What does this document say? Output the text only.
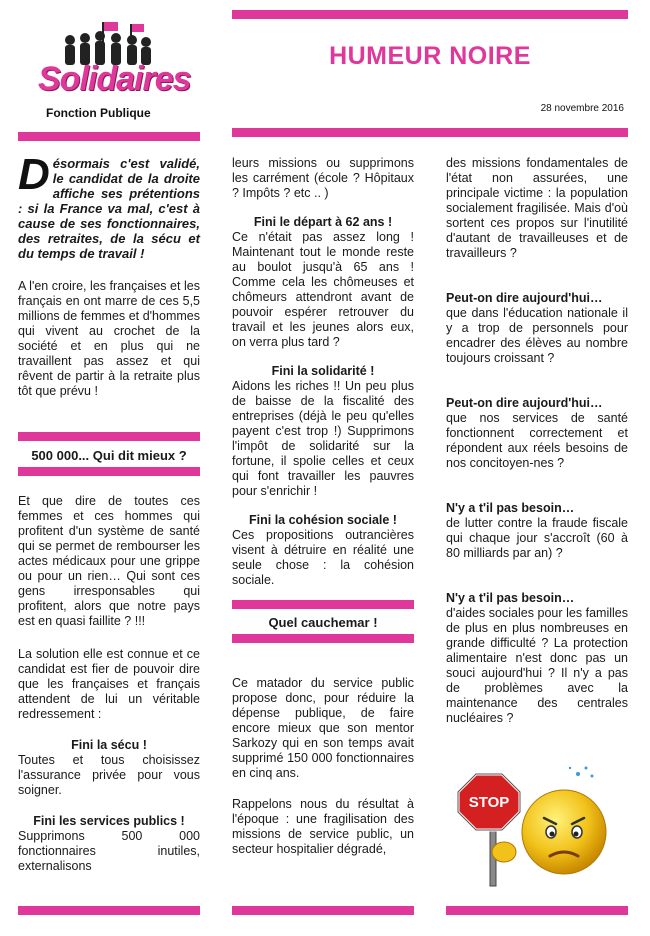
Solidaires
Fonction Publique
HUMEUR NOIRE
28 novembre 2016

Désormais c'est validé, le candidat de la droite affiche ses prétentions : si la France va mal, c'est à cause de ses fonctionnaires, des retraites, de la sécu et du temps de travail !

A l'en croire, les françaises et les français en ont marre de ces 5,5 millions de femmes et d'hommes qui vivent au crochet de la société et en plus qui ne travaillent pas assez et qui rêvent de partir à la retraite plus tôt que prévu !

500 000... Qui dit mieux ?

Et que dire de toutes ces femmes et ces hommes qui profitent d'un système de santé qui se permet de rembourser les actes médicaux pour une grippe ou pour un rien… Qui sont ces gens irresponsables qui profitent, alors que notre pays est en quasi faillite ? !!!

La solution elle est connue et ce candidat est fier de pouvoir dire que les françaises et français attendent de lui un véritable redressement :

Fini la sécu !

Toutes et tous choisissez l'assurance privée pour vous soigner.

Fini les services publics !

Supprimons 500 000 fonctionnaires inutiles, externalisons

leurs missions ou supprimons les carrément (école ? Hôpitaux ? Impôts ? etc .. )

Fini le départ à 62 ans !

Ce n'était pas assez long ! Maintenant tout le monde reste au boulot jusqu'à 65 ans ! Comme cela les chômeuses et chômeurs attendront avant de pouvoir espérer retrouver du travail et les jeunes alors eux, on verra plus tard ?

Fini la solidarité !

Aidons les riches !! Un peu plus de baisse de la fiscalité des entreprises (déjà le peu qu'elles payent c'est trop !) Supprimons l'impôt de solidarité sur la fortune, il spolie celles et ceux qui font travailler les pauvres pour s'enrichir !

Fini la cohésion sociale !

Ces propositions outrancières visent à détruire en réalité une seule chose : la cohésion sociale.

Quel cauchemar !

Ce matador du service public propose donc, pour réduire la dépense publique, de faire encore mieux que son mentor Sarkozy qui en son temps avait supprimé 150 000 fonctionnaires en cinq ans.

Rappelons nous du résultat à l'époque : une fragilisation des missions de service public, un secteur hospitalier dégradé,

des missions fondamentales de l'état non assurées, une principale victime : la population socialement fragilisée. Mais d'où sortent ces propos sur l'inutilité d'autant de travailleuses et de travailleurs ?

Peut-on dire aujourd'hui…

que dans l'éducation nationale il y a trop de personnels pour encadrer des élèves au nombre toujours croissant ?

Peut-on dire aujourd'hui…

que nos services de santé fonctionnent correctement et répondent aux réels besoins de nos concitoyen-nes ?

N'y a t'il pas besoin…

de lutter contre la fraude fiscale qui chaque jour s'accroît (60 à 80 milliards par an) ?

N'y a t'il pas besoin…

d'aides sociales pour les familles de plus en plus nombreuses en grande difficulté ? La protection alimentaire n'est donc pas un souci aujourd'hui ? Il n'y a pas de problèmes avec la maintenance des centrales nucléaires ?

STOP
